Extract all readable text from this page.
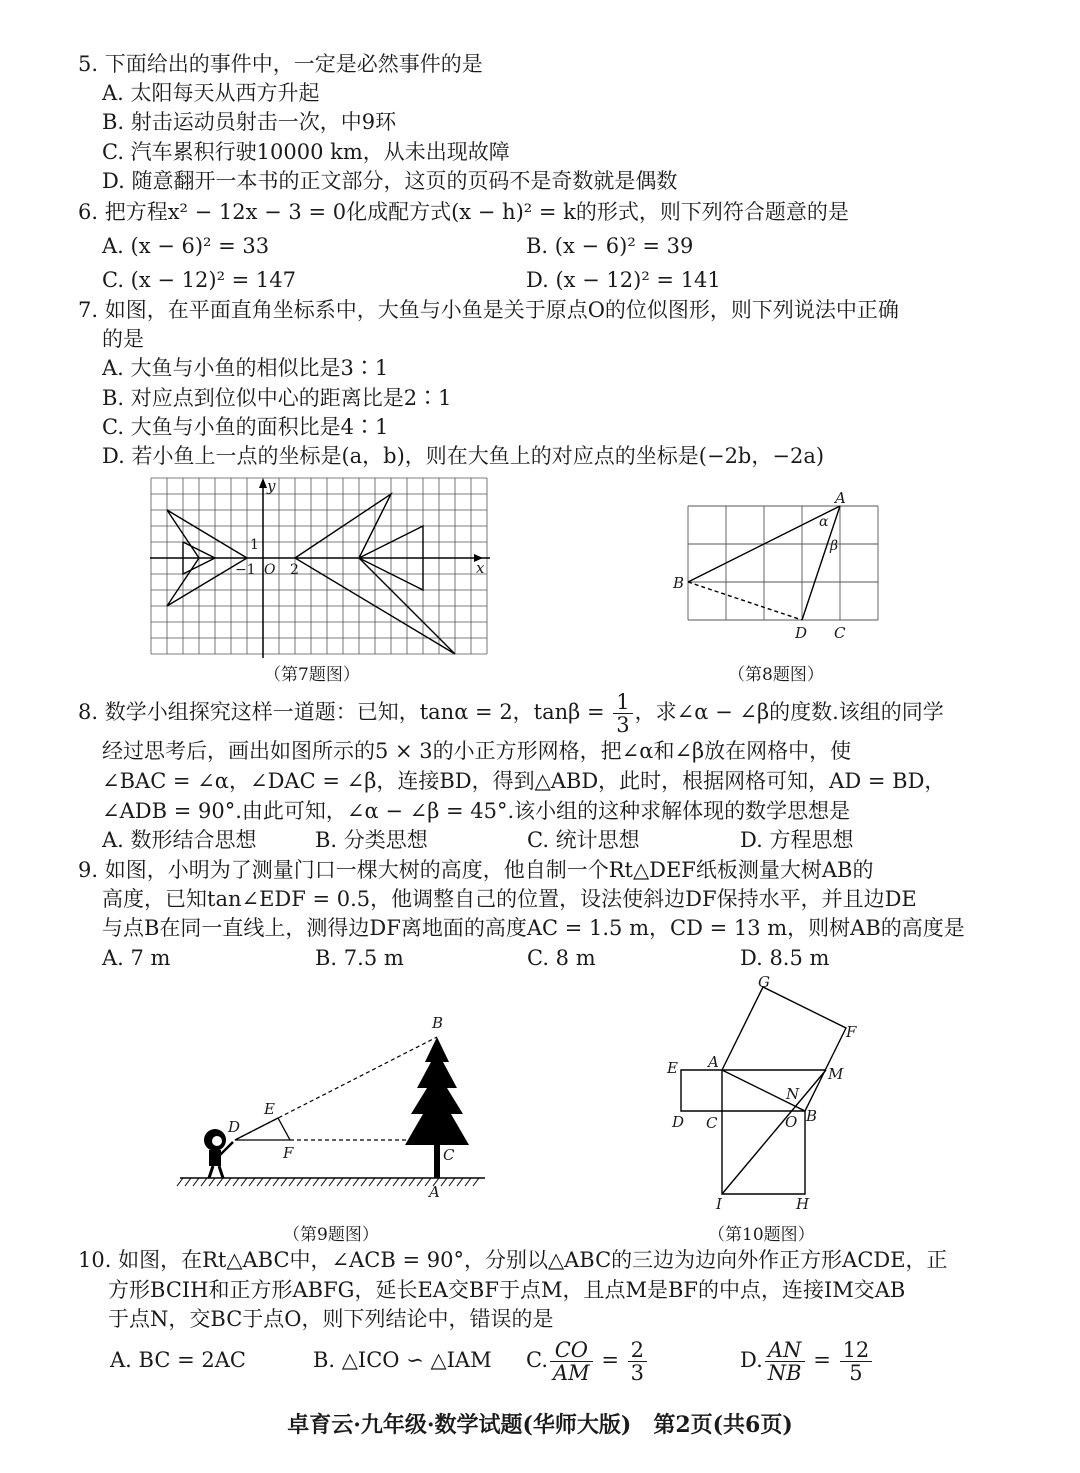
5. 下面给出的事件中，一定是必然事件的是
A. 太阳每天从西方升起
B. 射击运动员射击一次，中9环
C. 汽车累积行驶10000 km，从未出现故障
D. 随意翻开一本书的正文部分，这页的页码不是奇数就是偶数
6. 把方程x² − 12x − 3 = 0化成配方式(x − h)² = k的形式，则下列符合题意的是
A. (x − 6)² = 33	B. (x − 6)² = 39
C. (x − 12)² = 147	D. (x − 12)² = 141
7. 如图，在平面直角坐标系中，大鱼与小鱼是关于原点O的位似图形，则下列说法中正确
的是
A. 大鱼与小鱼的相似比是3∶1
B. 对应点到位似中心的距离比是2∶1
C. 大鱼与小鱼的面积比是4∶1
D. 若小鱼上一点的坐标是(a，b)，则在大鱼上的对应点的坐标是(−2b，−2a)
y
x
1
−1 O 2
（第7题图）
A
B
C
D
α
β
（第8题图）
8. 数学小组探究这样一道题：已知，tanα = 2，$\tan\beta = \frac{1}{3}$ ，求∠α − ∠β的度数.该组的同学
经过思考后，画出如图所示的5 × 3的小正方形网格，把∠α和∠β放在网格中，使
∠BAC = ∠α，∠DAC = ∠β，连接BD，得到△ABD，此时，根据网格可知，AD = BD，
∠ADB = 90°.由此可知，∠α − ∠β = 45°.该小组的这种求解体现的数学思想是
A. 数形结合思想	B. 分类思想	C. 统计思想	D. 方程思想
9. 如图，小明为了测量门口一棵大树的高度，他自制一个Rt△DEF纸板测量大树AB的
高度，已知tan∠EDF = 0.5，他调整自己的位置，设法使斜边DF保持水平，并且边DE
与点B在同一直线上，测得边DF离地面的高度AC = 1.5 m，CD = 13 m，则树AB的高度是
A. 7 m	B. 7.5 m	C. 8 m	D. 8.5 m
B
C
A
D
E
F
（第9题图）
G
F
E A
M
N
D C	O B
I	H
（第10题图）
10. 如图，在Rt△ABC中，∠ACB = 90°，分别以△ABC的三边为边向外作正方形ACDE，正
方形BCIH和正方形ABFG，延长EA交BF于点M，且点M是BF的中点，连接IM交AB
于点N，交BC于点O，则下列结论中，错误的是
A. BC = 2AC	B. △ICO ∽ △IAM C. $\frac{CO}{AM} = \frac{2}{3}$	D. $\frac{AN}{NB} = \frac{12}{5}$
卓育云·九年级·数学试题(华师大版)　第2页(共6页)
